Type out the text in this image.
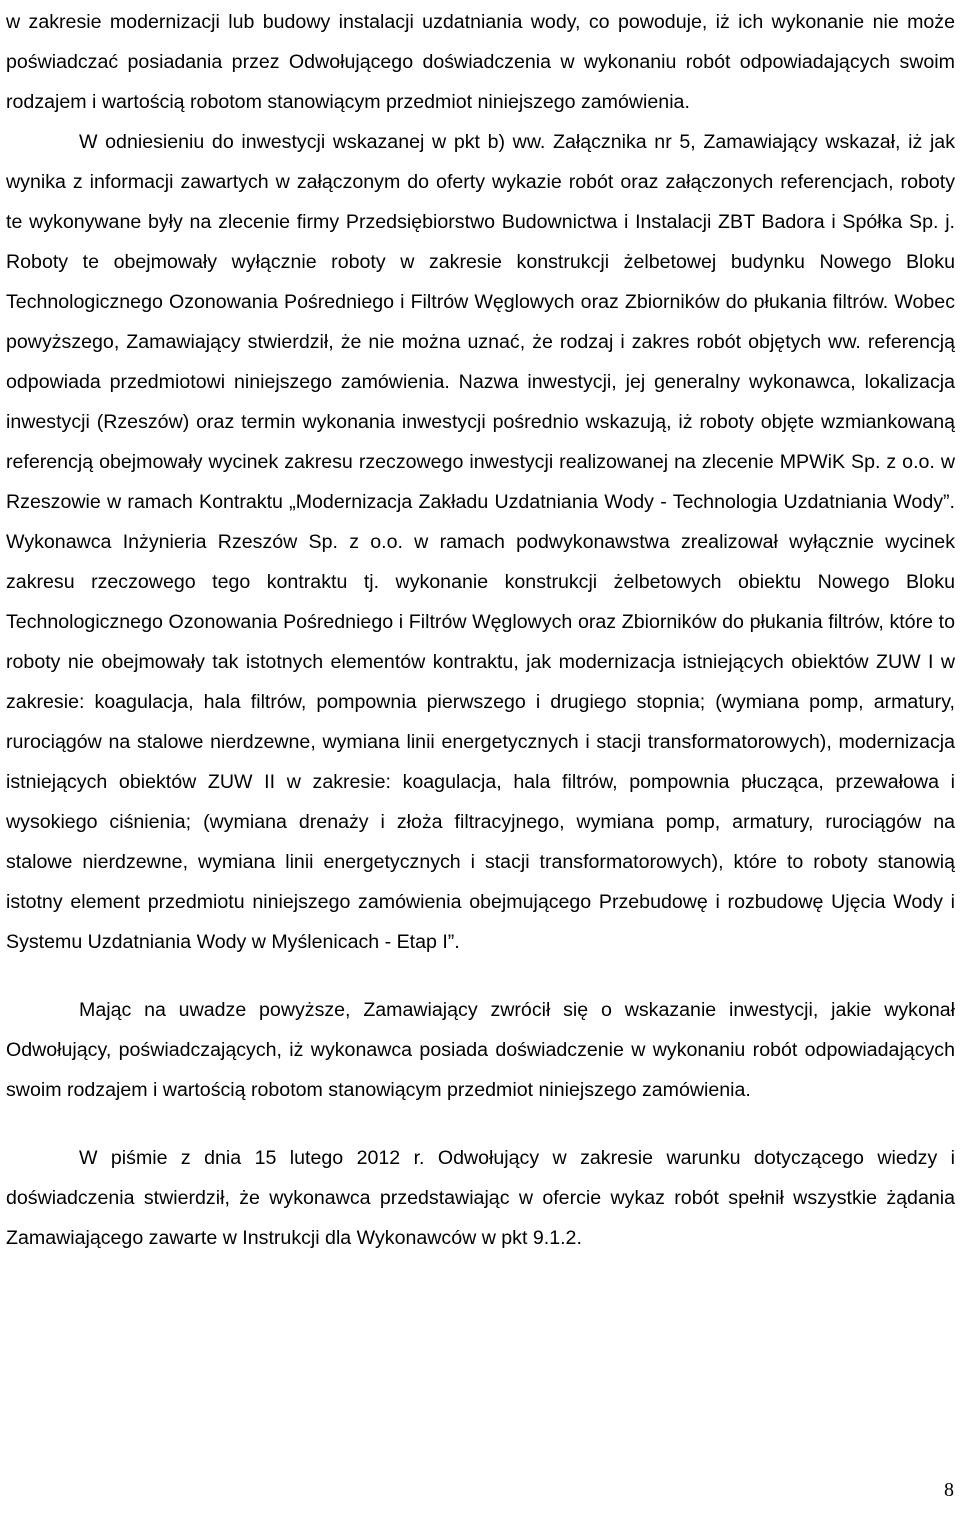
w zakresie modernizacji lub budowy instalacji uzdatniania wody, co powoduje, iż ich wykonanie nie może poświadczać posiadania przez Odwołującego doświadczenia w wykonaniu robót odpowiadających swoim rodzajem i wartością robotom stanowiącym przedmiot niniejszego zamówienia.

W odniesieniu do inwestycji wskazanej w pkt b) ww. Załącznika nr 5, Zamawiający wskazał, iż jak wynika z informacji zawartych w załączonym do oferty wykazie robót oraz załączonych referencjach, roboty te wykonywane były na zlecenie firmy Przedsiębiorstwo Budownictwa i Instalacji ZBT Badora i Spółka Sp. j. Roboty te obejmowały wyłącznie roboty w zakresie konstrukcji żelbetowej budynku Nowego Bloku Technologicznego Ozonowania Pośredniego i Filtrów Węglowych oraz Zbiorników do płukania filtrów. Wobec powyższego, Zamawiający stwierdził, że nie można uznać, że rodzaj i zakres robót objętych ww. referencją odpowiada przedmiotowi niniejszego zamówienia. Nazwa inwestycji, jej generalny wykonawca, lokalizacja inwestycji (Rzeszów) oraz termin wykonania inwestycji pośrednio wskazują, iż roboty objęte wzmiankowaną referencją obejmowały wycinek zakresu rzeczowego inwestycji realizowanej na zlecenie MPWiK Sp. z o.o. w Rzeszowie w ramach Kontraktu „Modernizacja Zakładu Uzdatniania Wody - Technologia Uzdatniania Wody”. Wykonawca Inżynieria Rzeszów Sp. z o.o. w ramach podwykonawstwa zrealizował wyłącznie wycinek zakresu rzeczowego tego kontraktu tj. wykonanie konstrukcji żelbetowych obiektu Nowego Bloku Technologicznego Ozonowania Pośredniego i Filtrów Węglowych oraz Zbiorników do płukania filtrów, które to roboty nie obejmowały tak istotnych elementów kontraktu, jak modernizacja istniejących obiektów ZUW I w zakresie: koagulacja, hala filtrów, pompownia pierwszego i drugiego stopnia; (wymiana pomp, armatury, rurociągów na stalowe nierdzewne, wymiana linii energetycznych i stacji transformatorowych), modernizacja istniejących obiektów ZUW II w zakresie: koagulacja, hala filtrów, pompownia płucząca, przewałowa i wysokiego ciśnienia; (wymiana drenaży i złoża filtracyjnego, wymiana pomp, armatury, rurociągów na stalowe nierdzewne, wymiana linii energetycznych i stacji transformatorowych), które to roboty stanowią istotny element przedmiotu niniejszego zamówienia obejmującego Przebudowę i rozbudowę Ujęcia Wody i Systemu Uzdatniania Wody w Myślenicach - Etap I”.

Mając na uwadze powyższe, Zamawiający zwrócił się o wskazanie inwestycji, jakie wykonał Odwołujący, poświadczających, iż wykonawca posiada doświadczenie w wykonaniu robót odpowiadających swoim rodzajem i wartością robotom stanowiącym przedmiot niniejszego zamówienia.

W piśmie z dnia 15 lutego 2012 r. Odwołujący w zakresie warunku dotyczącego wiedzy i doświadczenia stwierdził, że wykonawca przedstawiając w ofercie wykaz robót spełnił wszystkie żądania Zamawiającego zawarte w Instrukcji dla Wykonawców w pkt 9.1.2.

8
